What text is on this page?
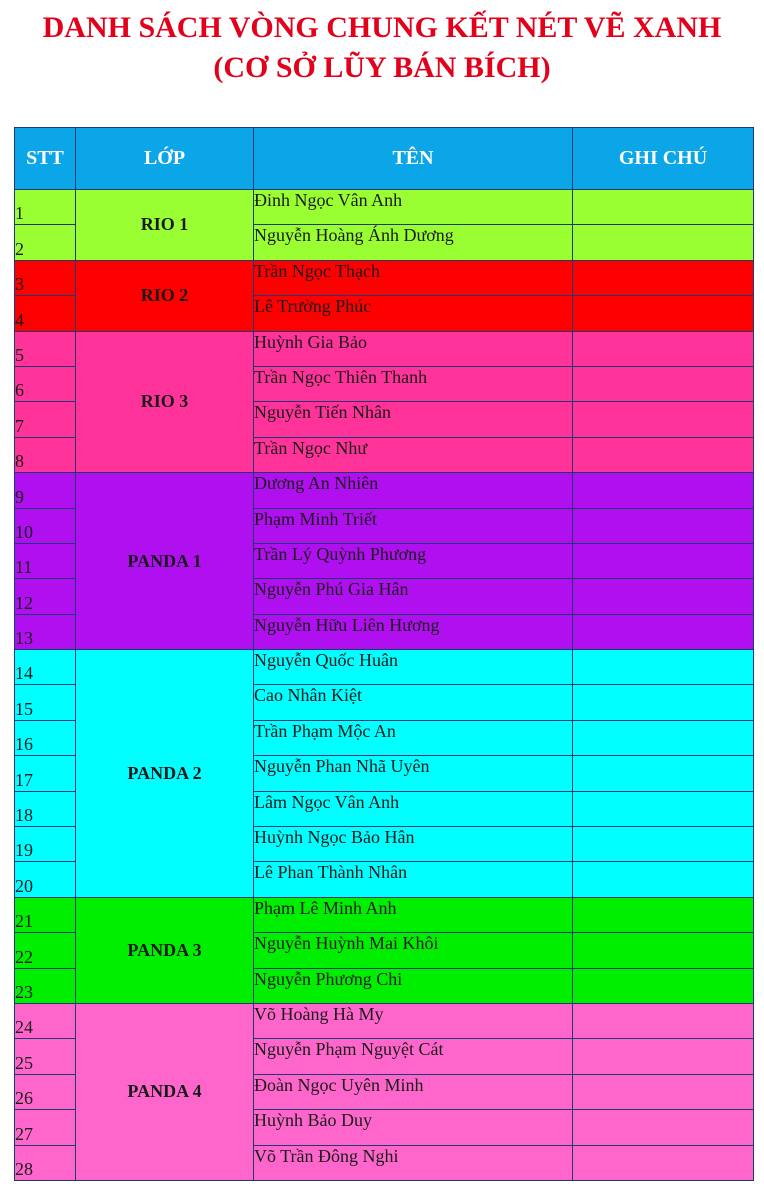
DANH SÁCH VÒNG CHUNG KẾT NÉT VẼ XANH
(CƠ SỞ LŨY BÁN BÍCH)
STT	LỚP	TÊN	GHI CHÚ
1	RIO 1	Đinh Ngọc Vân Anh	
2		Nguyễn Hoàng Ánh Dương	
3	RIO 2	Trần Ngọc Thạch	
4		Lê Trường Phúc	
5	RIO 3	Huỳnh Gia Bảo	
6		Trần Ngọc Thiên Thanh	
7		Nguyễn Tiến Nhân	
8		Trần Ngọc Như	
9	PANDA 1	Dương An Nhiên	
10		Phạm Minh Triết	
11		Trần Lý Quỳnh Phương	
12		Nguyễn Phú Gia Hân	
13		Nguyễn Hữu Liên Hương	
14	PANDA 2	Nguyễn Quốc Huân	
15		Cao Nhân Kiệt	
16		Trần Phạm Mộc An	
17		Nguyễn Phan Nhã Uyên	
18		Lâm Ngọc Vân Anh	
19		Huỳnh Ngọc Bảo Hân	
20		Lê Phan Thành Nhân	
21	PANDA 3	Phạm Lê Minh Anh	
22		Nguyễn Huỳnh Mai Khôi	
23		Nguyễn Phương Chi	
24	PANDA 4	Võ Hoàng Hà My	
25		Nguyễn Phạm Nguyệt Cát	
26		Đoàn Ngọc Uyên Minh	
27		Huỳnh Bảo Duy	
28		Võ Trần Đông Nghi	
